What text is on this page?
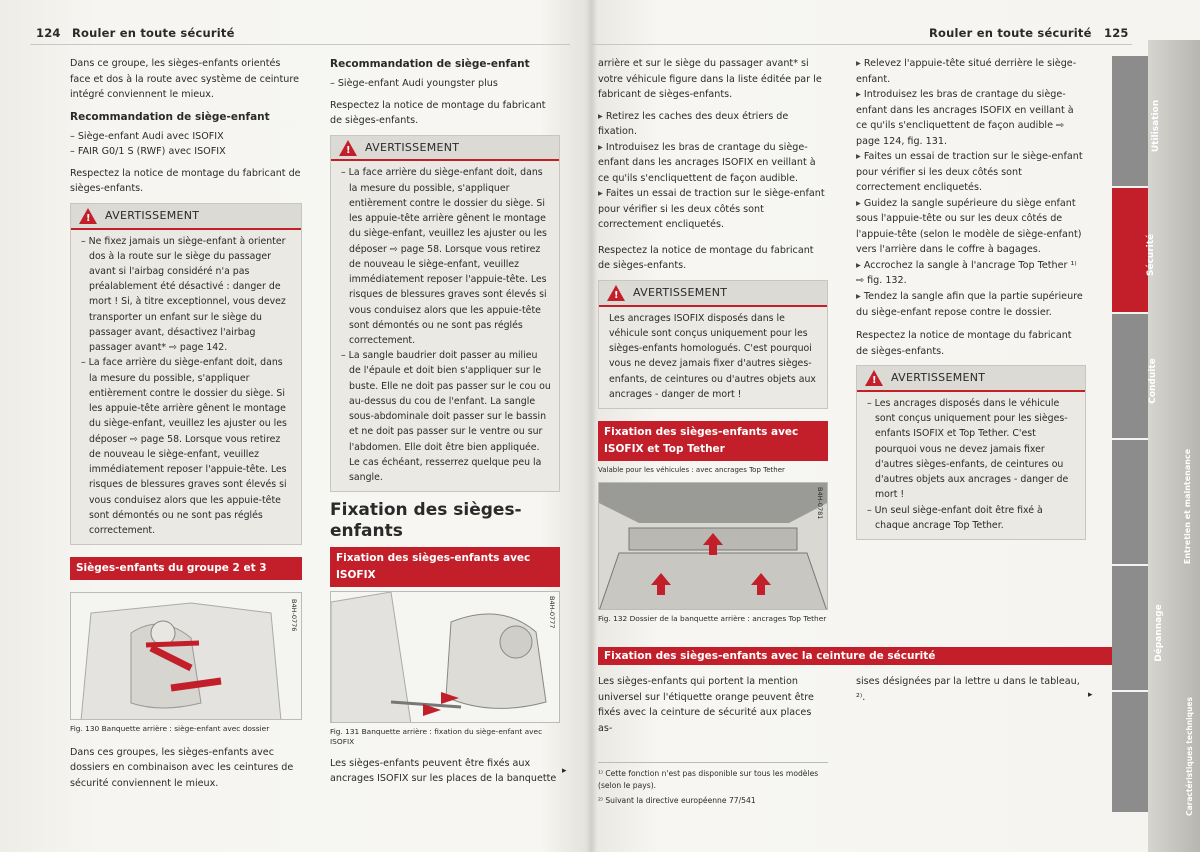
124 Rouler en toute sécurité

Dans ce groupe, les sièges-enfants orientés face et dos à la route avec système de ceinture intégré conviennent le mieux.

Recommandation de siège-enfant
– Siège-enfant Audi avec ISOFIX
– FAIR G0/1 S (RWF) avec ISOFIX

Respectez la notice de montage du fabricant de sièges-enfants.

!
AVERTISSEMENT
– Ne fixez jamais un siège-enfant à orienter dos à la route sur le siège du passager avant si l'airbag considéré n'a pas préalablement été désactivé : danger de mort ! Si, à titre exceptionnel, vous devez transporter un enfant sur le siège du passager avant, désactivez l'airbag passager avant* ⇨ page 142.
– La face arrière du siège-enfant doit, dans la mesure du possible, s'appliquer entièrement contre le dossier du siège. Si les appuie-tête arrière gênent le montage du siège-enfant, veuillez les ajuster ou les déposer ⇨ page 58. Lorsque vous retirez de nouveau le siège-enfant, veuillez immédiatement reposer l'appuie-tête. Les risques de blessures graves sont élevés si vous conduisez alors que les appuie-tête sont démontés ou ne sont pas réglés correctement.
Sièges-enfants du groupe 2 et 3
B4H-0776
Fig. 130 Banquette arrière : siège-enfant avec dossier

Dans ces groupes, les sièges-enfants avec dossiers en combinaison avec les ceintures de sécurité conviennent le mieux.

Recommandation de siège-enfant
– Siège-enfant Audi youngster plus

Respectez la notice de montage du fabricant de sièges-enfants.

!
AVERTISSEMENT
– La face arrière du siège-enfant doit, dans la mesure du possible, s'appliquer entièrement contre le dossier du siège. Si les appuie-tête arrière gênent le montage du siège-enfant, veuillez les ajuster ou les déposer ⇨ page 58. Lorsque vous retirez de nouveau le siège-enfant, veuillez immédiatement reposer l'appuie-tête. Les risques de blessures graves sont élevés si vous conduisez alors que les appuie-tête sont démontés ou ne sont pas réglés correctement.
– La sangle baudrier doit passer au milieu de l'épaule et doit bien s'appliquer sur le buste. Elle ne doit pas passer sur le cou ou au-dessus du cou de l'enfant. La sangle sous-abdominale doit passer sur le bassin et ne doit pas passer sur le ventre ou sur l'abdomen. Elle doit être bien appliquée. Le cas échéant, resserrez quelque peu la sangle.
Fixation des sièges-enfants
Fixation des sièges-enfants avec ISOFIX
B4H-0777
Fig. 131 Banquette arrière : fixation du siège-enfant avec ISOFIX

Les sièges-enfants peuvent être fixés aux ancrages ISOFIX sur les places de la banquette

▸
Rouler en toute sécurité 125

arrière et sur le siège du passager avant* si votre véhicule figure dans la liste éditée par le fabricant de sièges-enfants.

▸ Retirez les caches des deux étriers de fixation.
▸ Introduisez les bras de crantage du siège-enfant dans les ancrages ISOFIX en veillant à ce qu'ils s'encliquettent de façon audible.
▸ Faites un essai de traction sur le siège-enfant pour vérifier si les deux côtés sont correctement encliquetés.

Respectez la notice de montage du fabricant de sièges-enfants.

!
AVERTISSEMENT
Les ancrages ISOFIX disposés dans le véhicule sont conçus uniquement pour les sièges-enfants homologués. C'est pourquoi vous ne devez jamais fixer d'autres sièges-enfants, de ceintures ou d'autres objets aux ancrages - danger de mort !
Fixation des sièges-enfants avec ISOFIX et Top Tether
Valable pour les véhicules : avec ancrages Top Tether
B4H-0781
Fig. 132 Dossier de la banquette arrière : ancrages Top Tether
▸ Relevez l'appuie-tête situé derrière le siège-enfant.
▸ Introduisez les bras de crantage du siège-enfant dans les ancrages ISOFIX en veillant à ce qu'ils s'encliquettent de façon audible ⇨ page 124, fig. 131.
▸ Faites un essai de traction sur le siège-enfant pour vérifier si les deux côtés sont correctement encliquetés.
▸ Guidez la sangle supérieure du siège enfant sous l'appuie-tête ou sur les deux côtés de l'appuie-tête (selon le modèle de siège-enfant) vers l'arrière dans le coffre à bagages.
▸ Accrochez la sangle à l'ancrage Top Tether ¹⁾ ⇨ fig. 132.
▸ Tendez la sangle afin que la partie supérieure du siège-enfant repose contre le dossier.

Respectez la notice de montage du fabricant de sièges-enfants.

!
AVERTISSEMENT
– Les ancrages disposés dans le véhicule sont conçus uniquement pour les sièges-enfants ISOFIX et Top Tether. C'est pourquoi vous ne devez jamais fixer d'autres sièges-enfants, de ceintures ou d'autres objets aux ancrages - danger de mort !
– Un seul siège-enfant doit être fixé à chaque ancrage Top Tether.
Fixation des sièges-enfants avec la ceinture de sécurité

Les sièges-enfants qui portent la mention universel sur l'étiquette orange peuvent être fixés avec la ceinture de sécurité aux places as-

sises désignées par la lettre u dans le tableau, ²⁾.	▸
¹⁾ Cette fonction n'est pas disponible sur tous les modèles (selon le pays).
²⁾ Suivant la directive européenne 77/541
Utilisation
Sécurité
Conduite
Entretien et maintenance
Dépannage
Caractéristiques techniques
